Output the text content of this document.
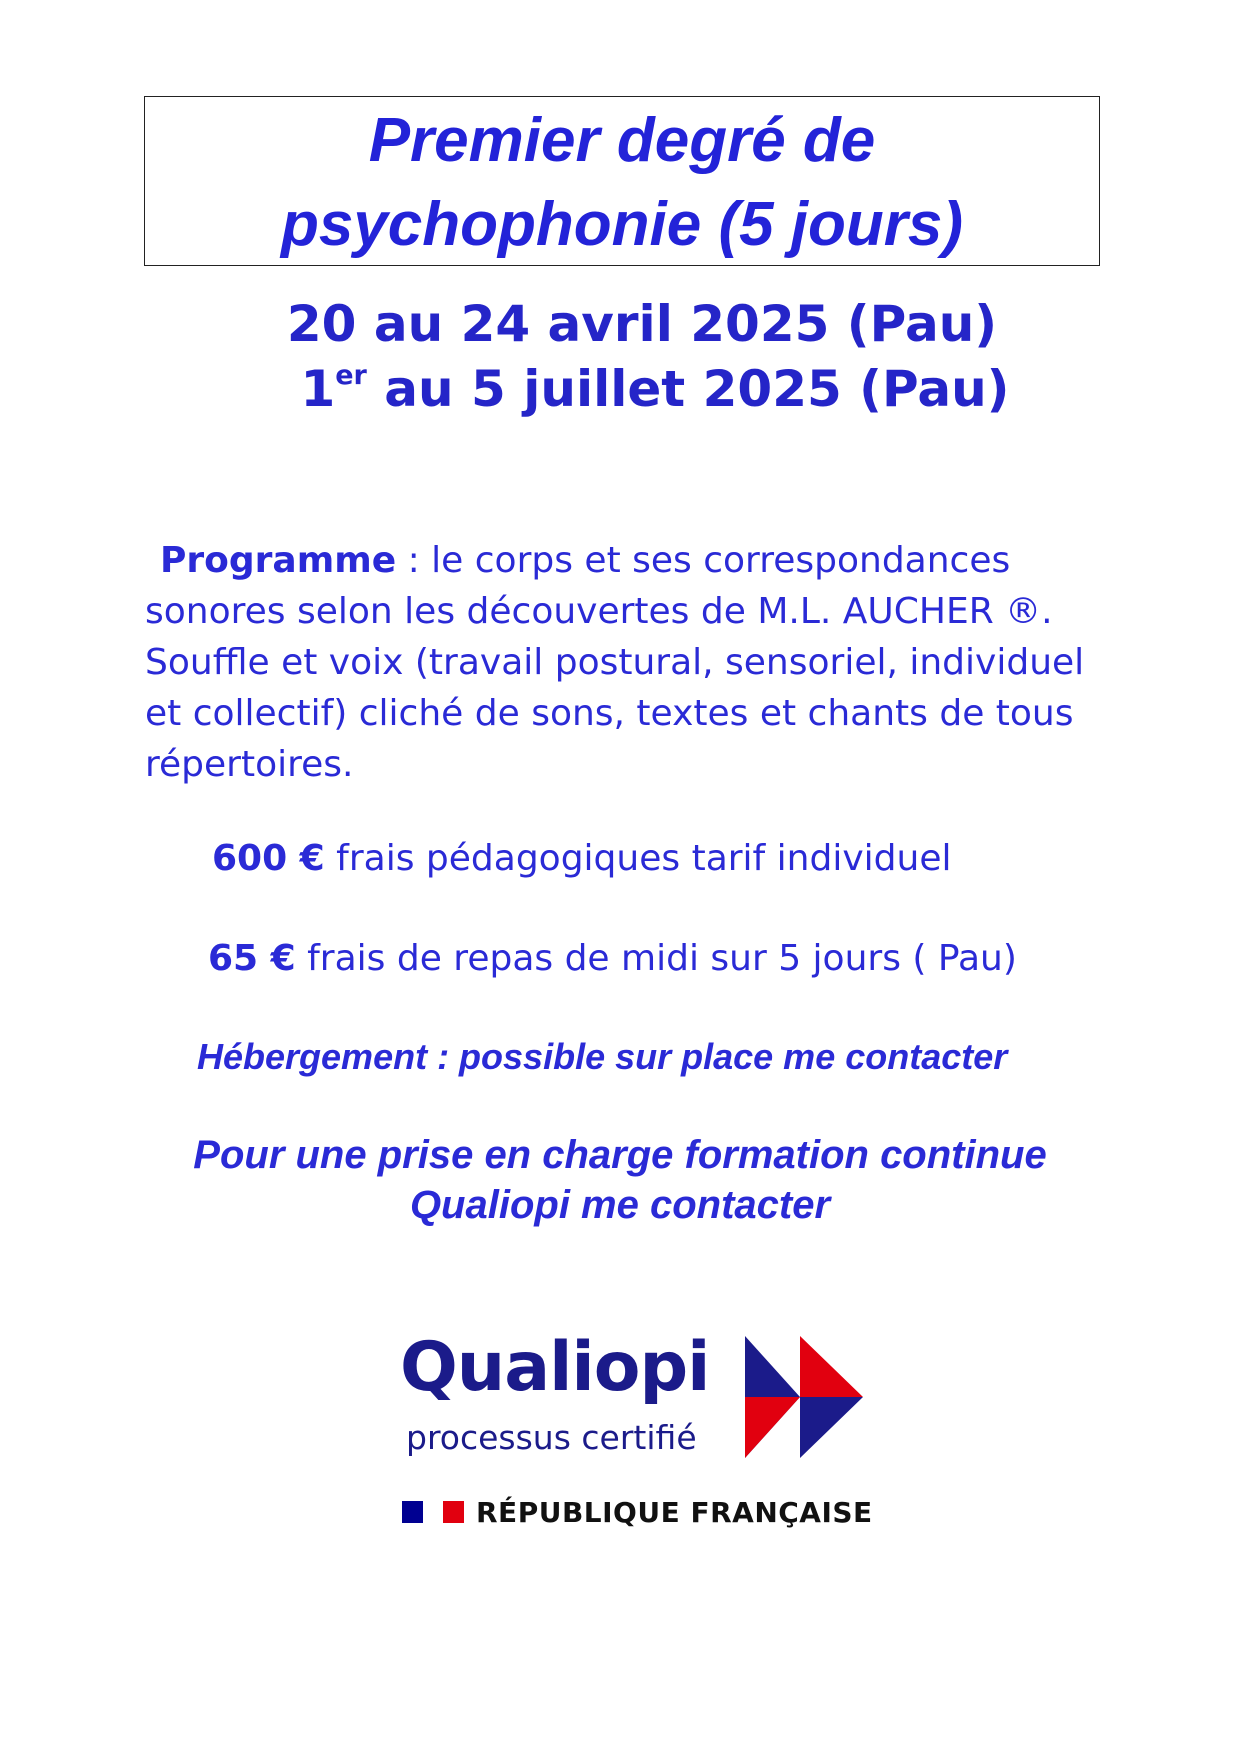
Premier degré de
psychophonie (5 jours)
20 au 24 avril 2025 (Pau)
1er au 5 juillet 2025 (Pau)
Programme : le corps et ses correspondances sonores selon les découvertes de M.L. AUCHER ®. Souffle et voix (travail postural, sensoriel, individuel et collectif) cliché de sons, textes et chants de tous répertoires.
600 € frais pédagogiques tarif individuel
65 € frais de repas de midi sur 5 jours ( Pau)
Hébergement : possible sur place me contacter
Pour une prise en charge formation continue
Qualiopi me contacter
Qualiopi
processus certifié
RÉPUBLIQUE FRANÇAISE
